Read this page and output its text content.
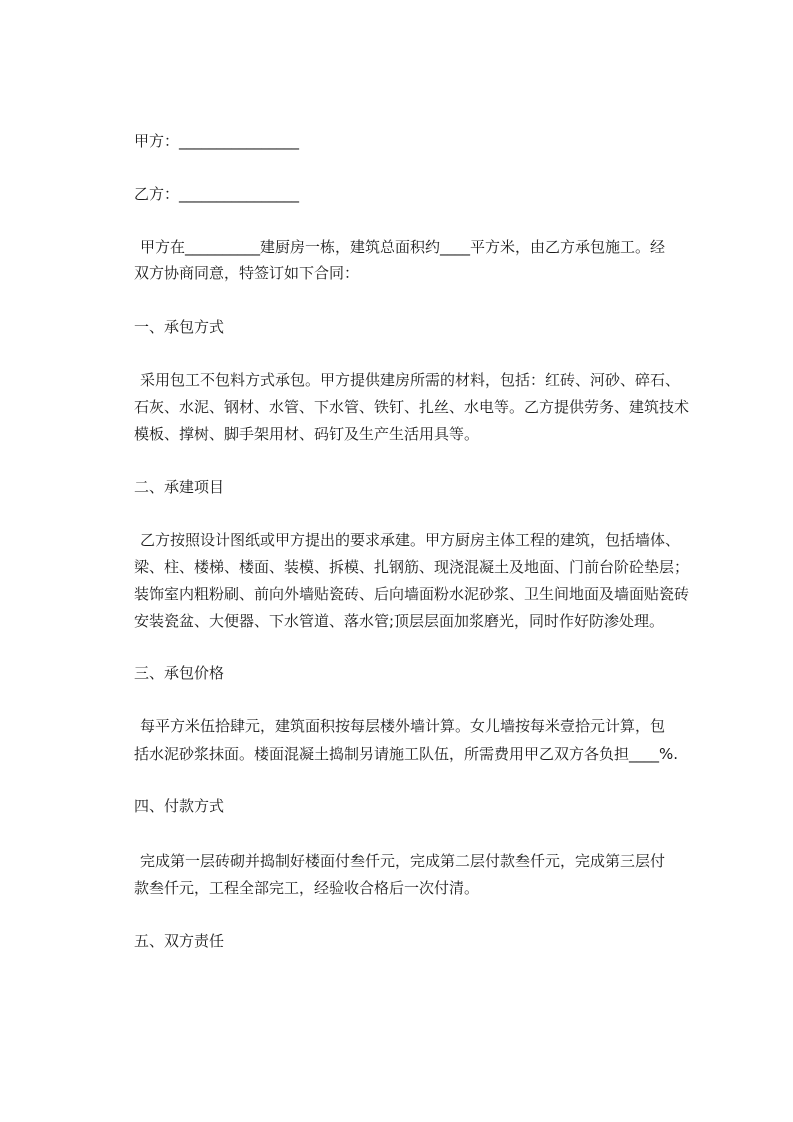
甲方：________________
乙方：________________
甲方在__________建厨房一栋，建筑总面积约____平方米，由乙方承包施工。经
双方协商同意，特签订如下合同：
一、承包方式
采用包工不包料方式承包。甲方提供建房所需的材料，包括：红砖、河砂、碎石、
石灰、水泥、钢材、水管、下水管、铁钉、扎丝、水电等。乙方提供劳务、建筑技术
模板、撑树、脚手架用材、码钉及生产生活用具等。
二、承建项目
乙方按照设计图纸或甲方提出的要求承建。甲方厨房主体工程的建筑，包括墙体、
梁、柱、楼梯、楼面、装模、拆模、扎钢筋、现浇混凝土及地面、门前台阶砼垫层；
装饰室内粗粉刷、前向外墙贴瓷砖、后向墙面粉水泥砂浆、卫生间地面及墙面贴瓷砖
安装瓷盆、大便器、下水管道、落水管;顶层层面加浆磨光，同时作好防渗处理。
三、承包价格
每平方米伍拾肆元，建筑面积按每层楼外墙计算。女儿墙按每米壹拾元计算，包
括水泥砂浆抹面。楼面混凝土捣制另请施工队伍，所需费用甲乙双方各负担____%.
四、付款方式
完成第一层砖砌并捣制好楼面付叁仟元，完成第二层付款叁仟元，完成第三层付
款叁仟元，工程全部完工，经验收合格后一次付清。
五、双方责任
